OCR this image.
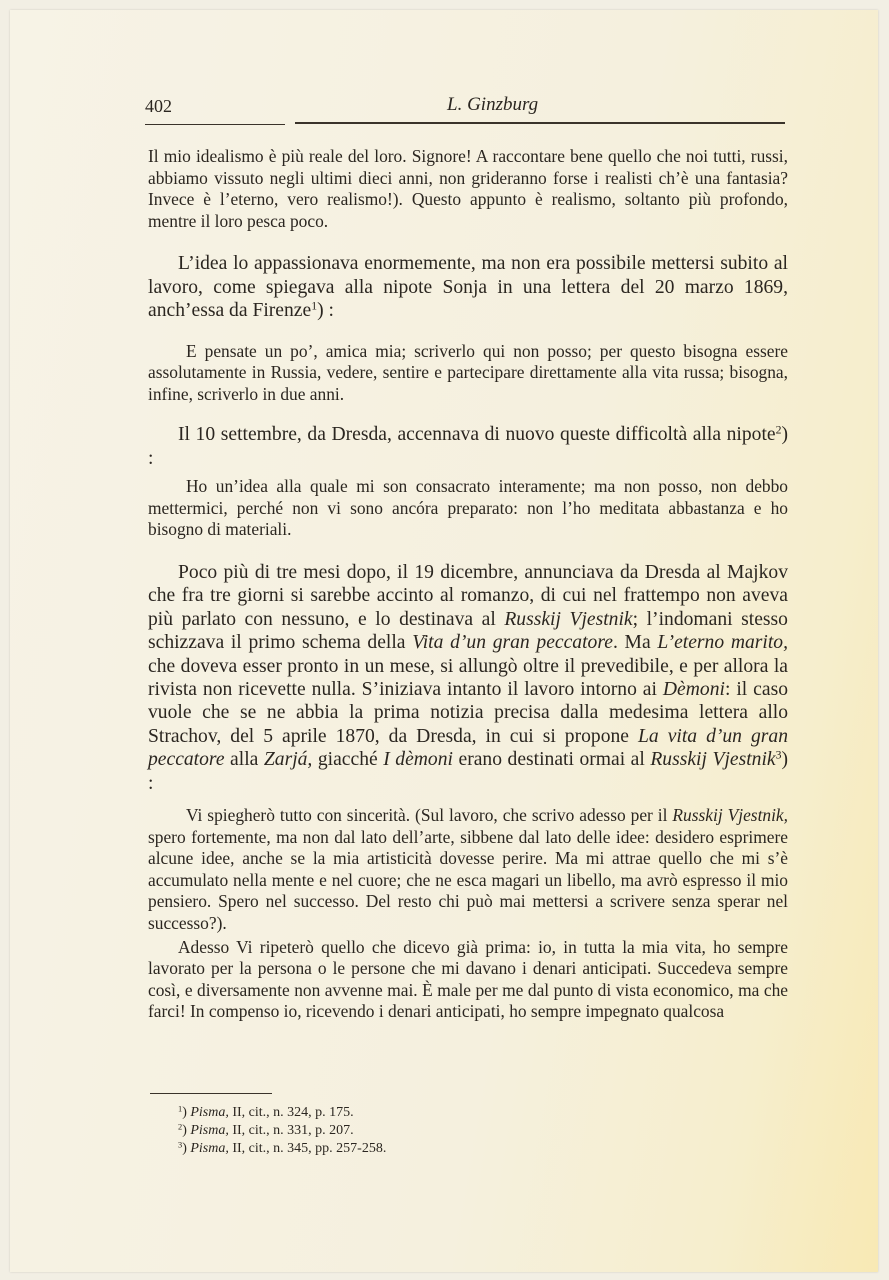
402	L. Ginzburg

Il mio idealismo è più reale del loro. Signore! A raccontare bene quello che noi tutti, russi, abbiamo vissuto negli ultimi dieci anni, non grideranno forse i realisti ch’è una fantasia? Invece è l’eterno, vero realismo!). Questo appunto è realismo, soltanto più profondo, mentre il loro pesca poco.

L’idea lo appassionava enormemente, ma non era possibile mettersi subito al lavoro, come spiegava alla nipote Sonja in una lettera del 20 marzo 1869, anch’essa da Firenze$^1$) :

E pensate un po’, amica mia; scriverlo qui non posso; per questo bisogna essere assolutamente in Russia, vedere, sentire e partecipare direttamente alla vita russa; bisogna, infine, scriverlo in due anni.

Il 10 settembre, da Dresda, accennava di nuovo queste difficoltà alla nipote$^2$) :

Ho un’idea alla quale mi son consacrato interamente; ma non posso, non debbo mettermici, perché non vi sono ancóra preparato: non l’ho meditata abbastanza e ho bisogno di materiali.

Poco più di tre mesi dopo, il 19 dicembre, annunciava da Dresda al Majkov che fra tre giorni si sarebbe accinto al romanzo, di cui nel frattempo non aveva più parlato con nessuno, e lo destinava al Russkij Vjestnik; l’indomani stesso schizzava il primo schema della Vita d’un gran peccatore. Ma L’eterno marito, che doveva esser pronto in un mese, si allungò oltre il prevedibile, e per allora la rivista non ricevette nulla. S’iniziava intanto il lavoro intorno ai Dèmoni: il caso vuole che se ne abbia la prima notizia precisa dalla medesima lettera allo Strachov, del 5 aprile 1870, da Dresda, in cui si propone La vita d’un gran peccatore alla Zarjá, giacché I dèmoni erano destinati ormai al Russkij Vjestnik$^3$) :

Vi spiegherò tutto con sincerità. (Sul lavoro, che scrivo adesso per il Russkij Vjestnik, spero fortemente, ma non dal lato dell’arte, sibbene dal lato delle idee: desidero esprimere alcune idee, anche se la mia artisticità dovesse perire. Ma mi attrae quello che mi s’è accumulato nella mente e nel cuore; che ne esca magari un libello, ma avrò espresso il mio pensiero. Spero nel successo. Del resto chi può mai mettersi a scrivere senza sperar nel successo?).

Adesso Vi ripeterò quello che dicevo già prima: io, in tutta la mia vita, ho sempre lavorato per la persona o le persone che mi davano i denari anticipati. Succedeva sempre così, e diversamente non avvenne mai. È male per me dal punto di vista economico, ma che farci! In compenso io, ricevendo i denari anticipati, ho sempre impegnato qualcosa

$^1$) Pisma, II, cit., n. 324, p. 175.
$^2$) Pisma, II, cit., n. 331, p. 207.
$^3$) Pisma, II, cit., n. 345, pp. 257-258.
